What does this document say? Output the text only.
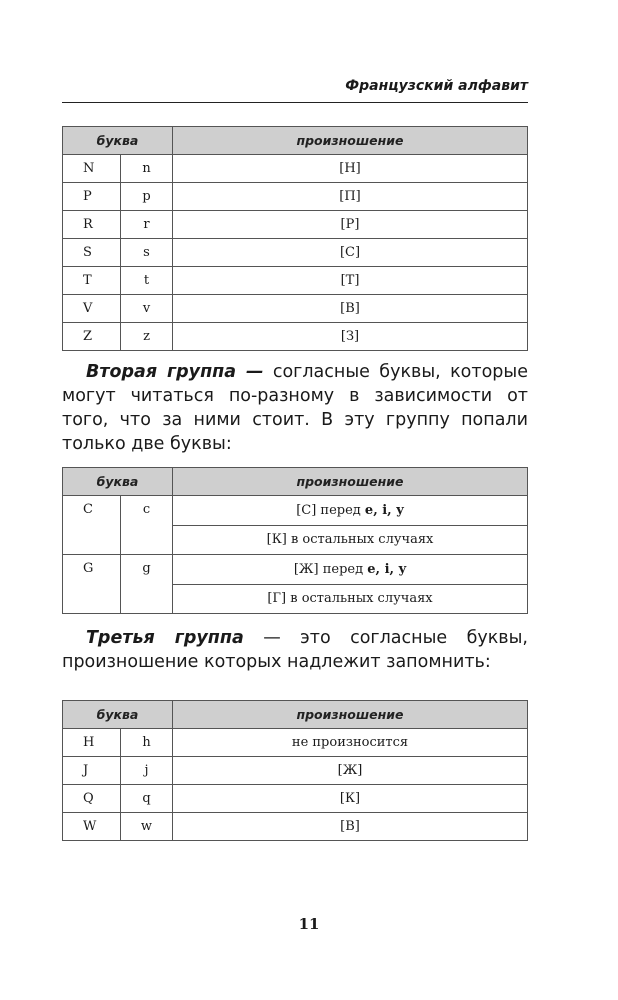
Французский алфавит
буква		произношение
N	n	[Н]
P	p	[П]
R	r	[Р]
S	s	[С]
T	t	[Т]
V	v	[В]
Z	z	[З]

Вторая группа — согласные буквы, которые могут читаться по-разному в зависимости от того, что за ними стоит. В эту группу попали только две буквы:

буква		произношение
C	c	[С] перед e, i, y
		[К] в остальных случаях
G	g	[Ж] перед e, i, y
		[Г] в остальных случаях

Третья группа — это согласные буквы, произношение которых надлежит запомнить:

буква		произношение
H	h	не произносится
J	j	[Ж]
Q	q	[К]
W	w	[В]
11
